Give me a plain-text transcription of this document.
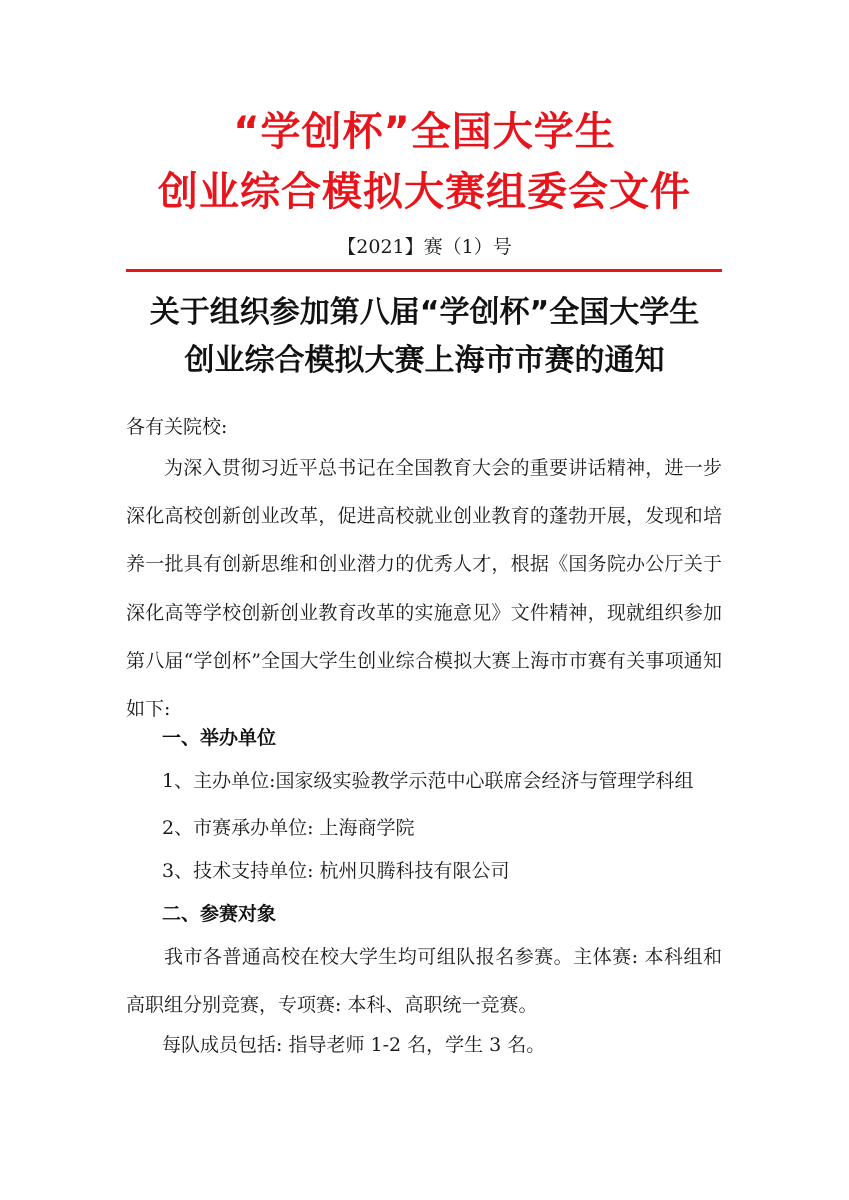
“学创杯”全国大学生
创业综合模拟大赛组委会文件
【2021】赛（1）号
关于组织参加第八届“学创杯”全国大学生
创业综合模拟大赛上海市市赛的通知
各有关院校:
为深入贯彻习近平总书记在全国教育大会的重要讲话精神，进一步深化高校创新创业改革，促进高校就业创业教育的蓬勃开展，发现和培养一批具有创新思维和创业潜力的优秀人才，根据《国务院办公厅关于深化高等学校创新创业教育改革的实施意见》文件精神，现就组织参加第八届“学创杯”全国大学生创业综合模拟大赛上海市市赛有关事项通知如下:
一、举办单位
1、主办单位:国家级实验教学示范中心联席会经济与管理学科组
2、市赛承办单位: 上海商学院
3、技术支持单位: 杭州贝腾科技有限公司
二、参赛对象
我市各普通高校在校大学生均可组队报名参赛。主体赛: 本科组和高职组分别竞赛，专项赛: 本科、高职统一竞赛。
每队成员包括: 指导老师 1-2 名，学生 3 名。
